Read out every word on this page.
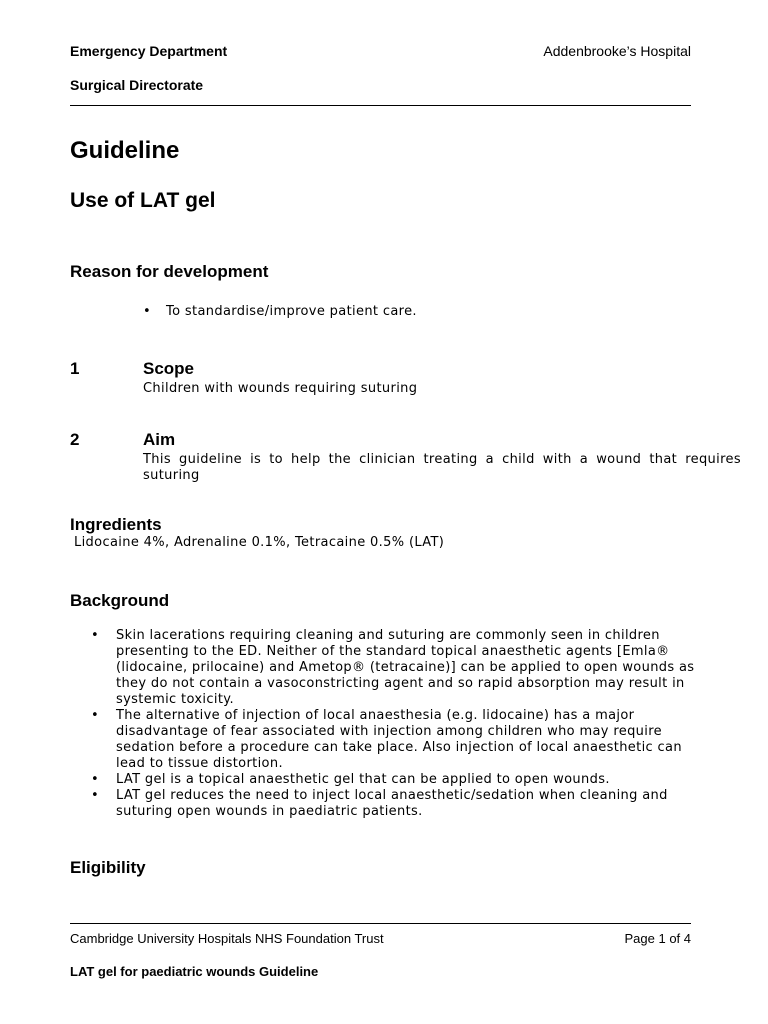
Emergency Department	Addenbrooke’s Hospital
Surgical Directorate
Guideline
Use of LAT gel
Reason for development
• To standardise/improve patient care.
1	Scope
Children with wounds requiring suturing
2	Aim
This guideline is to help the clinician treating a child with a wound that requires suturing
Ingredients
Lidocaine 4%, Adrenaline 0.1%, Tetracaine 0.5% (LAT)
Background
• Skin lacerations requiring cleaning and suturing are commonly seen in children presenting to the ED. Neither of the standard topical anaesthetic agents [Emla® (lidocaine, prilocaine) and Ametop® (tetracaine)] can be applied to open wounds as they do not contain a vasoconstricting agent and so rapid absorption may result in systemic toxicity.
• The alternative of injection of local anaesthesia (e.g. lidocaine) has a major disadvantage of fear associated with injection among children who may require sedation before a procedure can take place. Also injection of local anaesthetic can lead to tissue distortion.
• LAT gel is a topical anaesthetic gel that can be applied to open wounds.
• LAT gel reduces the need to inject local anaesthetic/sedation when cleaning and suturing open wounds in paediatric patients.
Eligibility
Cambridge University Hospitals NHS Foundation Trust	Page 1 of 4
LAT gel for paediatric wounds Guideline
